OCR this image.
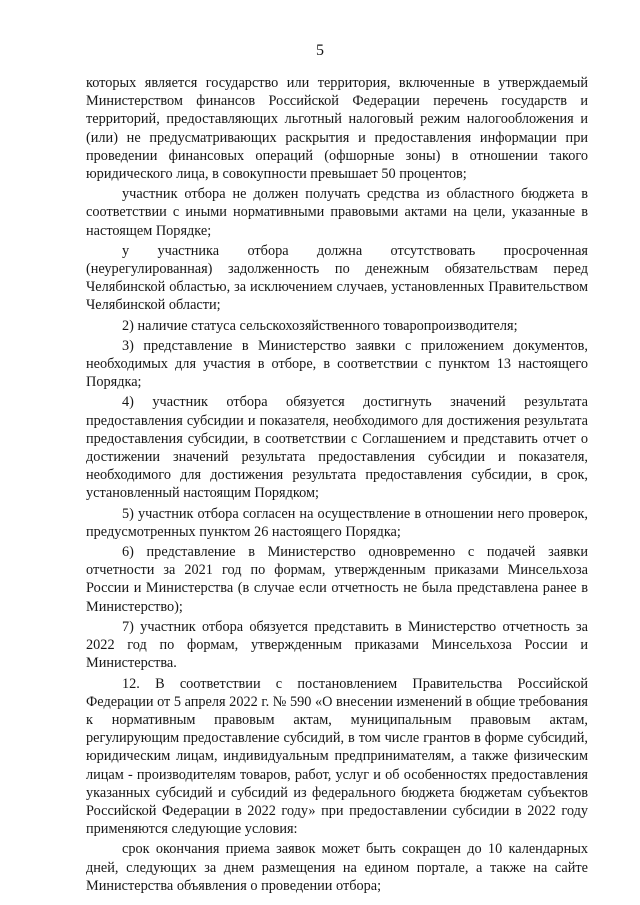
5

которых является государство или территория, включенные в утверждаемый Министерством финансов Российской Федерации перечень государств и территорий, предоставляющих льготный налоговый режим налогообложения и (или) не предусматривающих раскрытия и предоставления информации при проведении финансовых операций (офшорные зоны) в отношении такого юридического лица, в совокупности превышает 50 процентов;

участник отбора не должен получать средства из областного бюджета в соответствии с иными нормативными правовыми актами на цели, указанные в настоящем Порядке;

у участника отбора должна отсутствовать просроченная (неурегулированная) задолженность по денежным обязательствам перед Челябинской областью, за исключением случаев, установленных Правительством Челябинской области;

2) наличие статуса сельскохозяйственного товаропроизводителя;

3) представление в Министерство заявки с приложением документов, необходимых для участия в отборе, в соответствии с пунктом 13 настоящего Порядка;

4) участник отбора обязуется достигнуть значений результата предоставления субсидии и показателя, необходимого для достижения результата предоставления субсидии, в соответствии с Соглашением и представить отчет о достижении значений результата предоставления субсидии и показателя, необходимого для достижения результата предоставления субсидии, в срок, установленный настоящим Порядком;

5) участник отбора согласен на осуществление в отношении него проверок, предусмотренных пунктом 26 настоящего Порядка;

6) представление в Министерство одновременно с подачей заявки отчетности за 2021 год по формам, утвержденным приказами Минсельхоза России и Министерства (в случае если отчетность не была представлена ранее в Министерство);

7) участник отбора обязуется представить в Министерство отчетность за 2022 год по формам, утвержденным приказами Минсельхоза России и Министерства.

12. В соответствии с постановлением Правительства Российской Федерации от 5 апреля 2022 г. № 590 «О внесении изменений в общие требования к нормативным правовым актам, муниципальным правовым актам, регулирующим предоставление субсидий, в том числе грантов в форме субсидий, юридическим лицам, индивидуальным предпринимателям, а также физическим лицам - производителям товаров, работ, услуг и об особенностях предоставления указанных субсидий и субсидий из федерального бюджета бюджетам субъектов Российской Федерации в 2022 году» при предоставлении субсидии в 2022 году применяются следующие условия:

срок окончания приема заявок может быть сокращен до 10 календарных дней, следующих за днем размещения на едином портале, а также на сайте Министерства объявления о проведении отбора;
